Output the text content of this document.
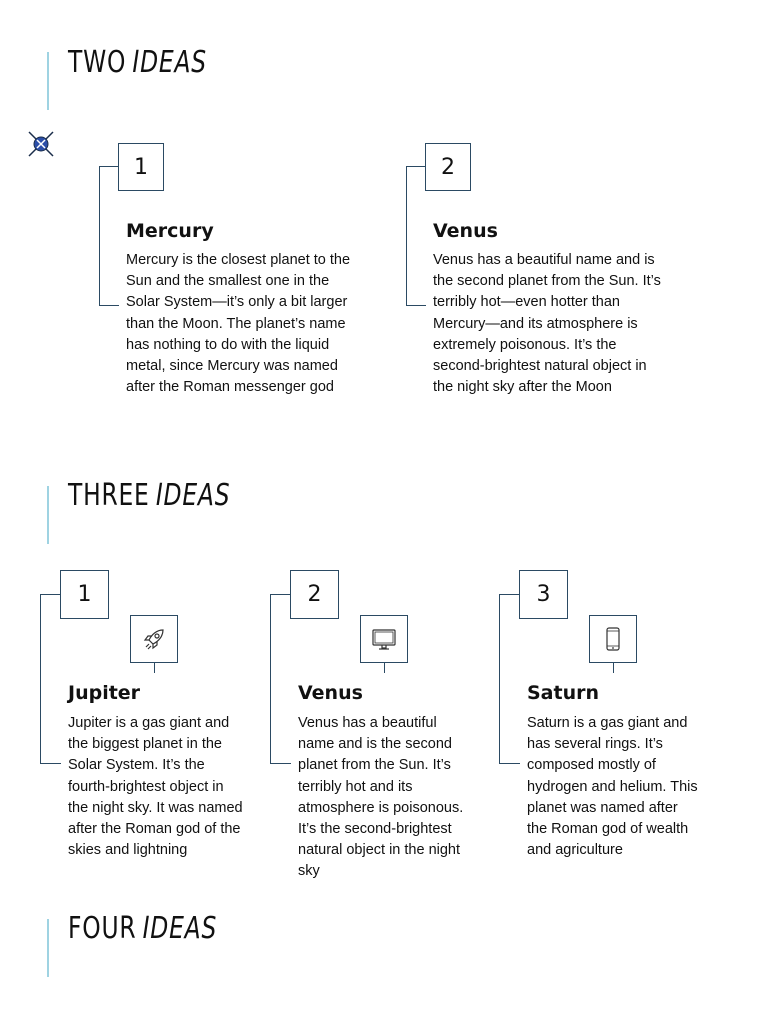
TWO IDEAS
1
Mercury
Mercury is the closest planet to the Sun and the smallest one in the Solar System—it’s only a bit larger than the Moon. The planet’s name has nothing to do with the liquid metal, since Mercury was named after the Roman messenger god
2
Venus
Venus has a beautiful name and is the second planet from the Sun. It’s terribly hot—even hotter than Mercury—and its atmosphere is extremely poisonous. It’s the second-brightest natural object in the night sky after the Moon
THREE IDEAS
1
Jupiter
Jupiter is a gas giant and the biggest planet in the Solar System. It’s the fourth-brightest object in the night sky. It was named after the Roman god of the skies and lightning
2
Venus
Venus has a beautiful name and is the second planet from the Sun. It’s terribly hot and its atmosphere is poisonous. It’s the second-brightest natural object in the night sky
3
Saturn
Saturn is a gas giant and has several rings. It’s composed mostly of hydrogen and helium. This planet was named after the Roman god of wealth and agriculture
FOUR IDEAS
